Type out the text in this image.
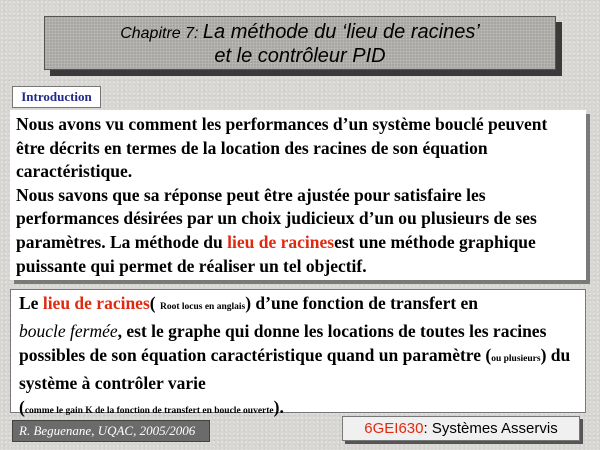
Chapitre 7: La méthode du ‘lieu de racines’
et le contrôleur PID
Introduction
Nous avons vu comment les performances d’un système bouclé peuvent être décrits en termes de la location des racines de son équation caractéristique.
Nous savons que sa réponse peut être ajustée pour satisfaire les performances désirées par un choix judicieux d’un ou plusieurs de ses paramètres. La méthode du lieu de racinesest une méthode graphique puissante qui permet de réaliser un tel objectif.
Le lieu de racines( Root locus en anglais) d’une fonction de transfert en
boucle fermée, est le graphe qui donne les locations de toutes les racines possibles de son équation caractéristique quand un paramètre (ou plusieurs) du système à contrôler varie
(comme le gain K de la fonction de transfert en boucle ouverte).
R. Beguenane, UQAC, 2005/2006	6GEI630: Systèmes Asservis
